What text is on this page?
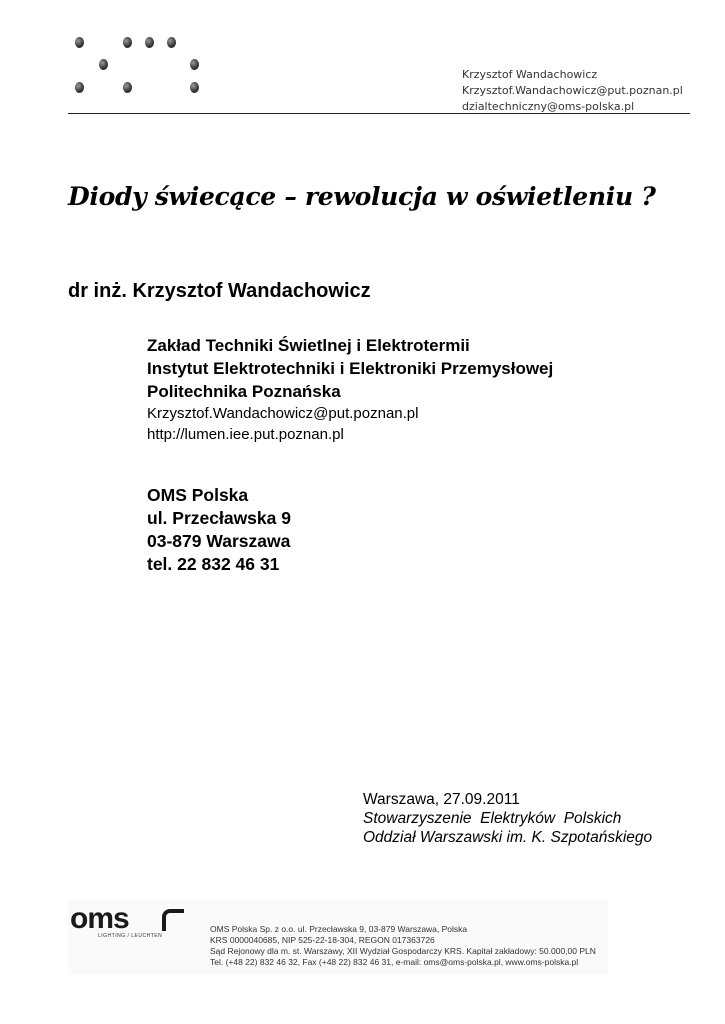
Krzysztof Wandachowicz
Krzysztof.Wandachowicz@put.poznan.pl
dzialtechniczny@oms-polska.pl
Diody świecące – rewolucja w oświetleniu ?
dr inż. Krzysztof Wandachowicz
Zakład Techniki Świetlnej i Elektrotermii
Instytut Elektrotechniki i Elektroniki Przemysłowej
Politechnika Poznańska
Krzysztof.Wandachowicz@put.poznan.pl
http://lumen.iee.put.poznan.pl
OMS Polska
ul. Przecławska 9
03-879 Warszawa
tel. 22 832 46 31
Warszawa, 27.09.2011
Stowarzyszenie  Elektryków  Polskich
Oddział Warszawski im. K. Szpotańskiego
oms
LIGHTING / LEUCHTEN
OMS Polska Sp. z o.o. ul. Przecławska 9, 03-879 Warszawa, Polska
KRS 0000040685, NIP 525-22-18-304, REGON 017363726
Sąd Rejonowy dla m. st. Warszawy, XII Wydział Gospodarczy KRS. Kapitał zakładowy: 50.000,00 PLN
Tel. (+48 22) 832 46 32, Fax (+48 22) 832 46 31, e-mail: oms@oms-polska.pl, www.oms-polska.pl
